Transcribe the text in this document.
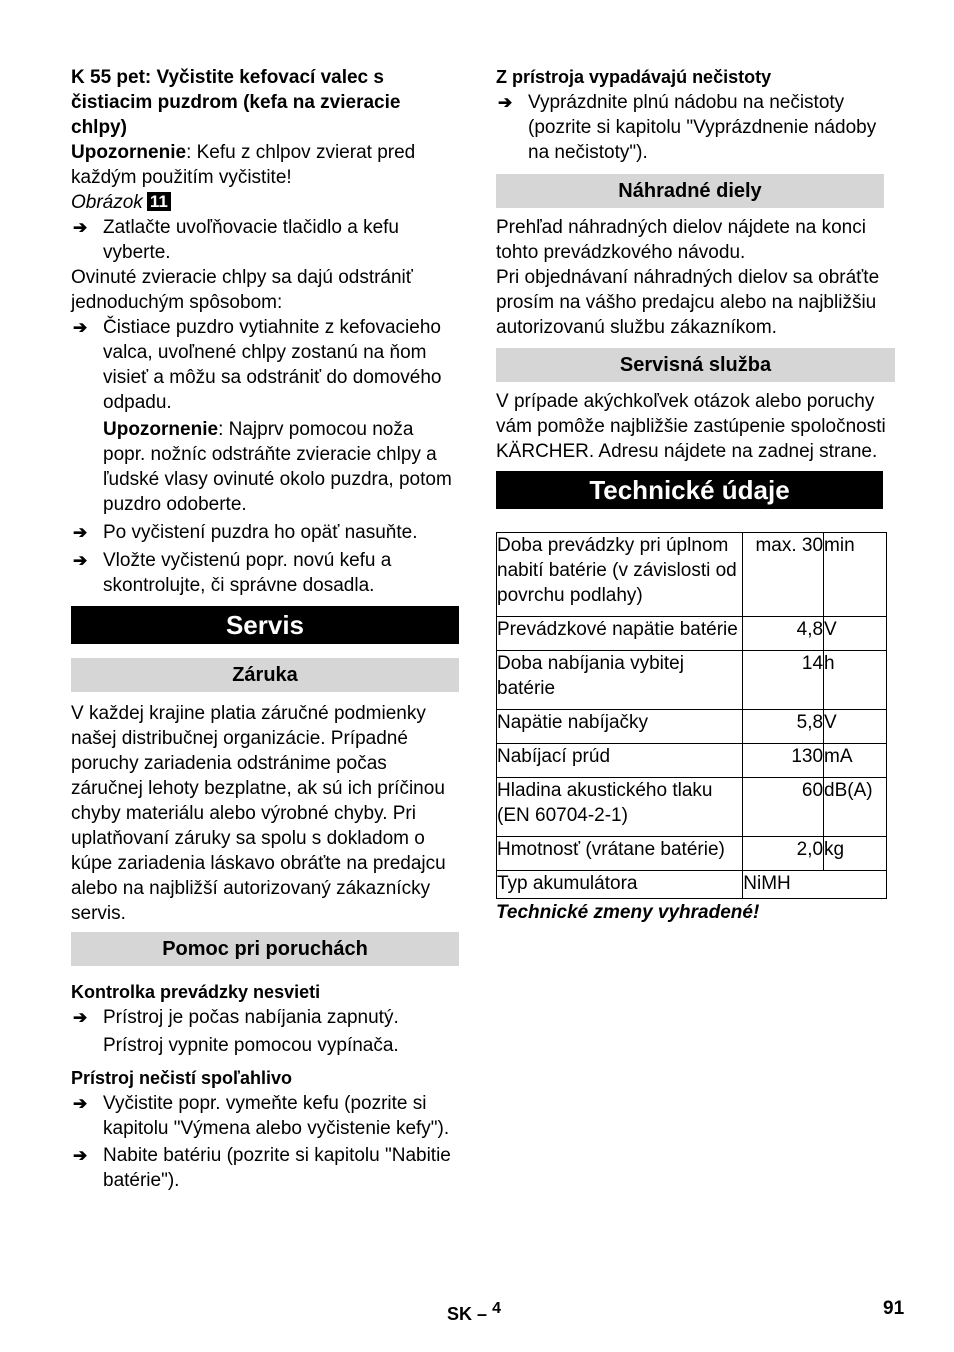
K 55 pet: Vyčistite kefovací valec s čistiacim puzdrom (kefa na zvieracie chlpy)

Upozornenie: Kefu z chlpov zvierat pred každým použitím vyčistite!

Obrázok 11

➔ Zatlačte uvoľňovacie tlačidlo a kefu vyberte.

Ovinuté zvieracie chlpy sa dajú odstrániť jednoduchým spôsobom:

➔ Čistiace puzdro vytiahnite z kefovacieho valca, uvoľnené chlpy zostanú na ňom visieť a môžu sa odstrániť do domového odpadu.

Upozornenie: Najprv pomocou noža popr. nožníc odstráňte zvieracie chlpy a ľudské vlasy ovinuté okolo puzdra, potom puzdro odoberte.

➔ Po vyčistení puzdra ho opäť nasuňte.
➔ Vložte vyčistenú popr. novú kefu a skontrolujte, či správne dosadla.
Servis
Záruka

V každej krajine platia záručné podmienky našej distribučnej organizácie. Prípadné poruchy zariadenia odstránime počas záručnej lehoty bezplatne, ak sú ich príčinou chyby materiálu alebo výrobné chyby. Pri uplatňovaní záruky sa spolu s dokladom o kúpe zariadenia láskavo obráťte na predajcu alebo na najbližší autorizovaný zákaznícky servis.

Pomoc pri poruchách

Kontrolka prevádzky nesvieti

➔ Prístroj je počas nabíjania zapnutý.

Prístroj vypnite pomocou vypínača.

Prístroj nečistí spoľahlivo

➔ Vyčistite popr. vymeňte kefu (pozrite si kapitolu "Výmena alebo vyčistenie kefy").
➔ Nabite batériu (pozrite si kapitolu "Nabitie batérie").

Z prístroja vypadávajú nečistoty

➔ Vyprázdnite plnú nádobu na nečistoty (pozrite si kapitolu "Vyprázdnenie nádoby na nečistoty").
Náhradné diely

Prehľad náhradných dielov nájdete na konci tohto prevádzkového návodu.

Pri objednávaní náhradných dielov sa obráťte prosím na vášho predajcu alebo na najbližšiu autorizovanú službu zákazníkom.

Servisná služba

V prípade akýchkoľvek otázok alebo poruchy vám pomôže najbližšie zastúpenie spoločnosti KÄRCHER. Adresu nájdete na zadnej strane.

Technické údaje
Doba prevádzky pri úplnom nabití batérie (v závislosti od povrchu podlahy)	max. 30	min
Prevádzkové napätie batérie	4,8	V
Doba nabíjania vybitej batérie	14	h
Napätie nabíjačky	5,8	V
Nabíjací prúd	130	mA
Hladina akustického tlaku (EN 60704-2-1)	60	dB(A)
Hmotnosť (vrátane batérie)	2,0	kg
Typ akumulátora	NiMH	

Technické zmeny vyhradené!

SK – $^4$	91
